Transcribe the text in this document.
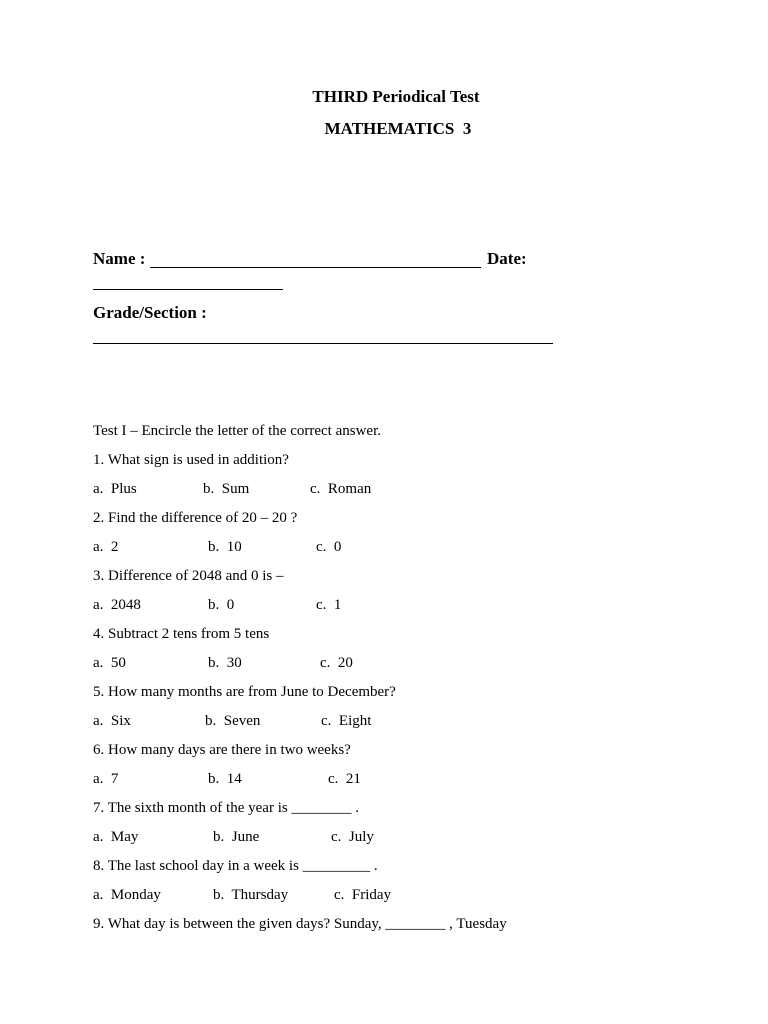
THIRD Periodical Test
MATHEMATICS  3
Name :	Date:
Grade/Section :
Test I – Encircle the letter of the correct answer.
1. What sign is used in addition?
a.  Plus	b.  Sum	c.  Roman
2. Find the difference of 20 – 20 ?
a.  2	b.  10	c.  0
3. Difference of 2048 and 0 is –
a.  2048	b.  0	c.  1
4. Subtract 2 tens from 5 tens
a.  50	b.  30	c.  20
5. How many months are from June to December?
a.  Six	b.  Seven	c.  Eight
6. How many days are there in two weeks?
a.  7	b.  14	c.  21
7. The sixth month of the year is ________ .
a.  May	b.  June	c.  July
8. The last school day in a week is _________ .
a.  Monday	b.  Thursday	c.  Friday
9. What day is between the given days? Sunday, ________ , Tuesday
